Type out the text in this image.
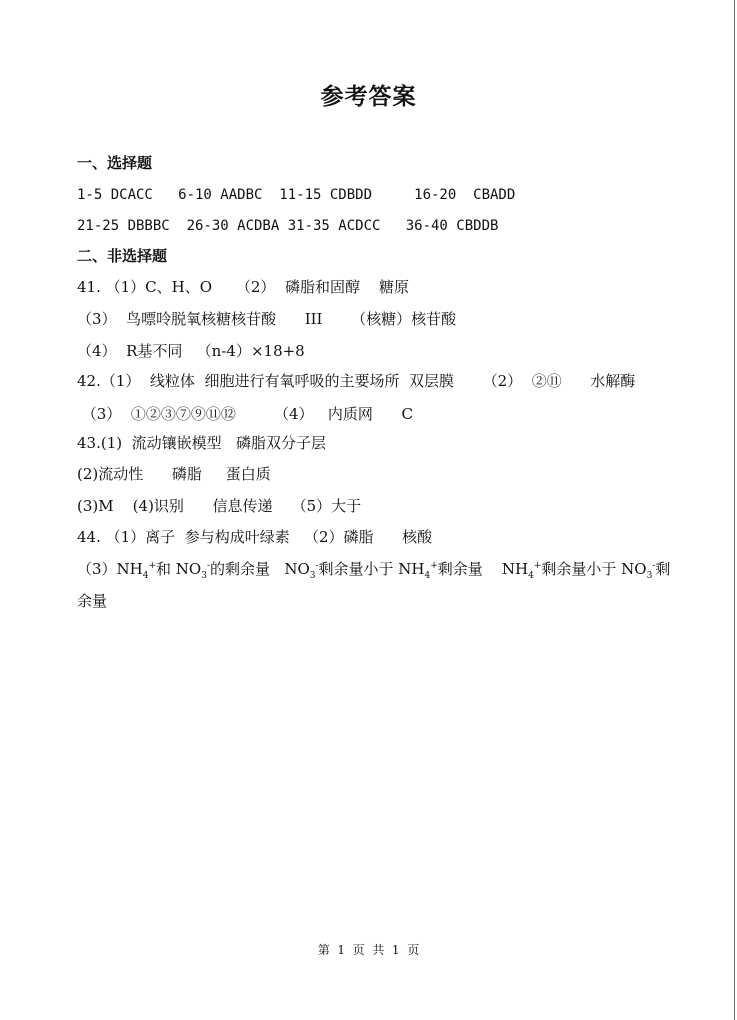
参考答案
一、选择题
1-5 DCACC   6-10 AADBC  11-15 CDBDD     16-20  CBADD
21-25 DBBBC  26-30 ACDBA 31-35 ACDCC   36-40 CBDDB
二、非选择题
41. （1）C、H、O     （2）  磷脂和固醇    糖原
（3）  鸟嘌呤脱氧核糖核苷酸      III      （核糖）核苷酸
（4）  R基不同   （n-4）×18+8
42.（1）  线粒体  细胞进行有氧呼吸的主要场所  双层膜      （2）  ②⑪      水解酶
（3）  ①②③⑦⑨⑪⑫        （4）   内质网      C
43.(1)  流动镶嵌模型   磷脂双分子层
(2)流动性      磷脂     蛋白质
(3)M    (4)识别      信息传递    （5）大于
44. （1）离子  参与构成叶绿素   （2）磷脂      核酸
$(3)NH_4^+$和 $NO_3^-$的剩余量   $NO_3^-$剩余量小于 $NH_4^+$剩余量    $NH_4^+$剩余量小于 $NO_3^-$剩
余量
第  1  页  共  1  页
